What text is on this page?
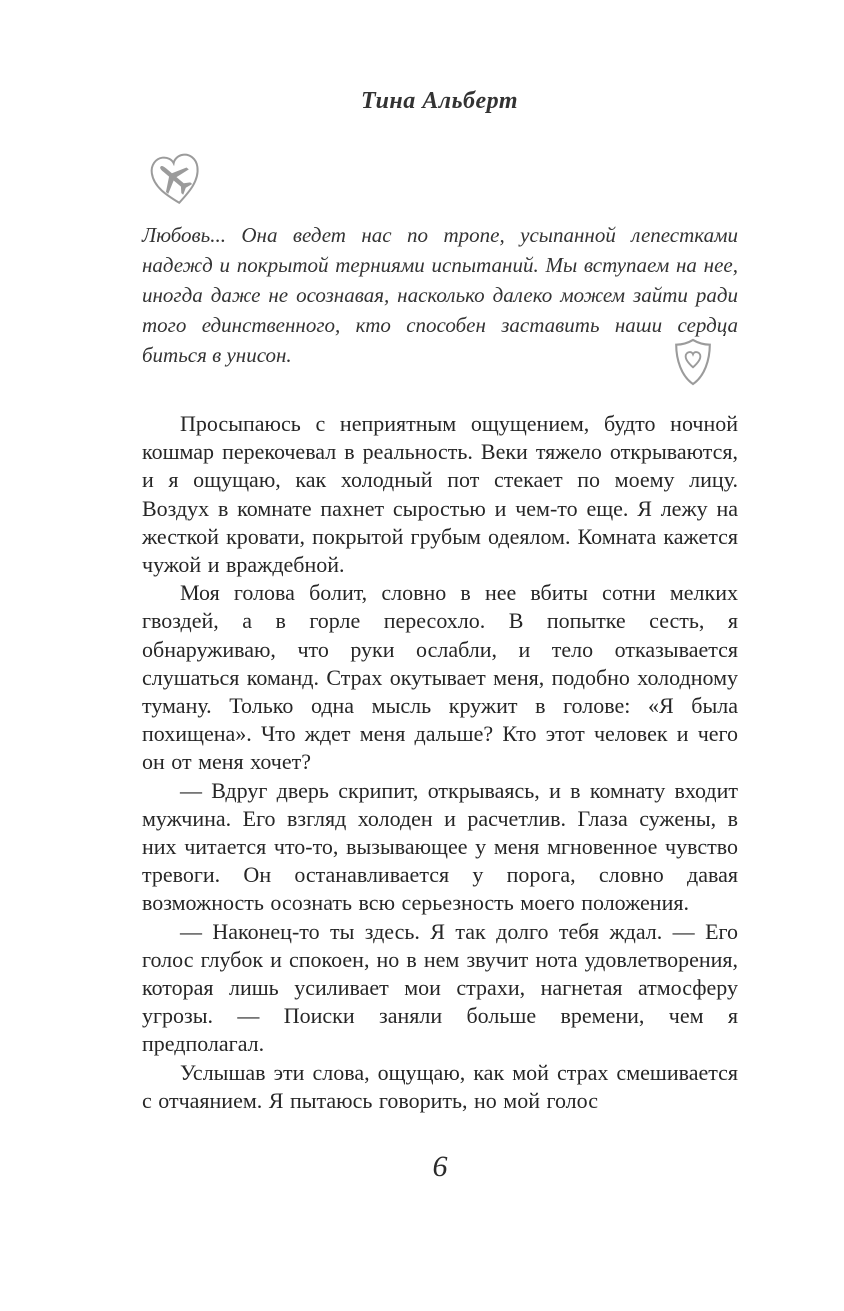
Тина Альберт

Любовь... Она ведет нас по тропе, усыпанной лепестками надежд и покрытой терниями испытаний. Мы вступаем на нее, иногда даже не осознавая, насколько далеко можем зайти ради того единственного, кто способен заставить наши сердца биться в унисон.

Просыпаюсь с неприятным ощущением, будто ночной кошмар перекочевал в реальность. Веки тяжело открываются, и я ощущаю, как холодный пот стекает по моему лицу. Воздух в комнате пахнет сыростью и чем-то еще. Я лежу на жесткой кровати, покрытой грубым одеялом. Комната кажется чужой и враждебной.

Моя голова болит, словно в нее вбиты сотни мелких гвоздей, а в горле пересохло. В попытке сесть, я обнаруживаю, что руки ослабли, и тело отказывается слушаться команд. Страх окутывает меня, подобно холодному туману. Только одна мысль кружит в голове: «Я была похищена». Что ждет меня дальше? Кто этот человек и чего он от меня хочет?

— Вдруг дверь скрипит, открываясь, и в комнату входит мужчина. Его взгляд холоден и расчетлив. Глаза сужены, в них читается что-то, вызывающее у меня мгновенное чувство тревоги. Он останавливается у порога, словно давая возможность осознать всю серьезность моего положения.

— Наконец-то ты здесь. Я так долго тебя ждал. — Его голос глубок и спокоен, но в нем звучит нота удовлетворения, которая лишь усиливает мои страхи, нагнетая атмосферу угрозы. — Поиски заняли больше времени, чем я предполагал.

Услышав эти слова, ощущаю, как мой страх смешивается с отчаянием. Я пытаюсь говорить, но мой голос

6
